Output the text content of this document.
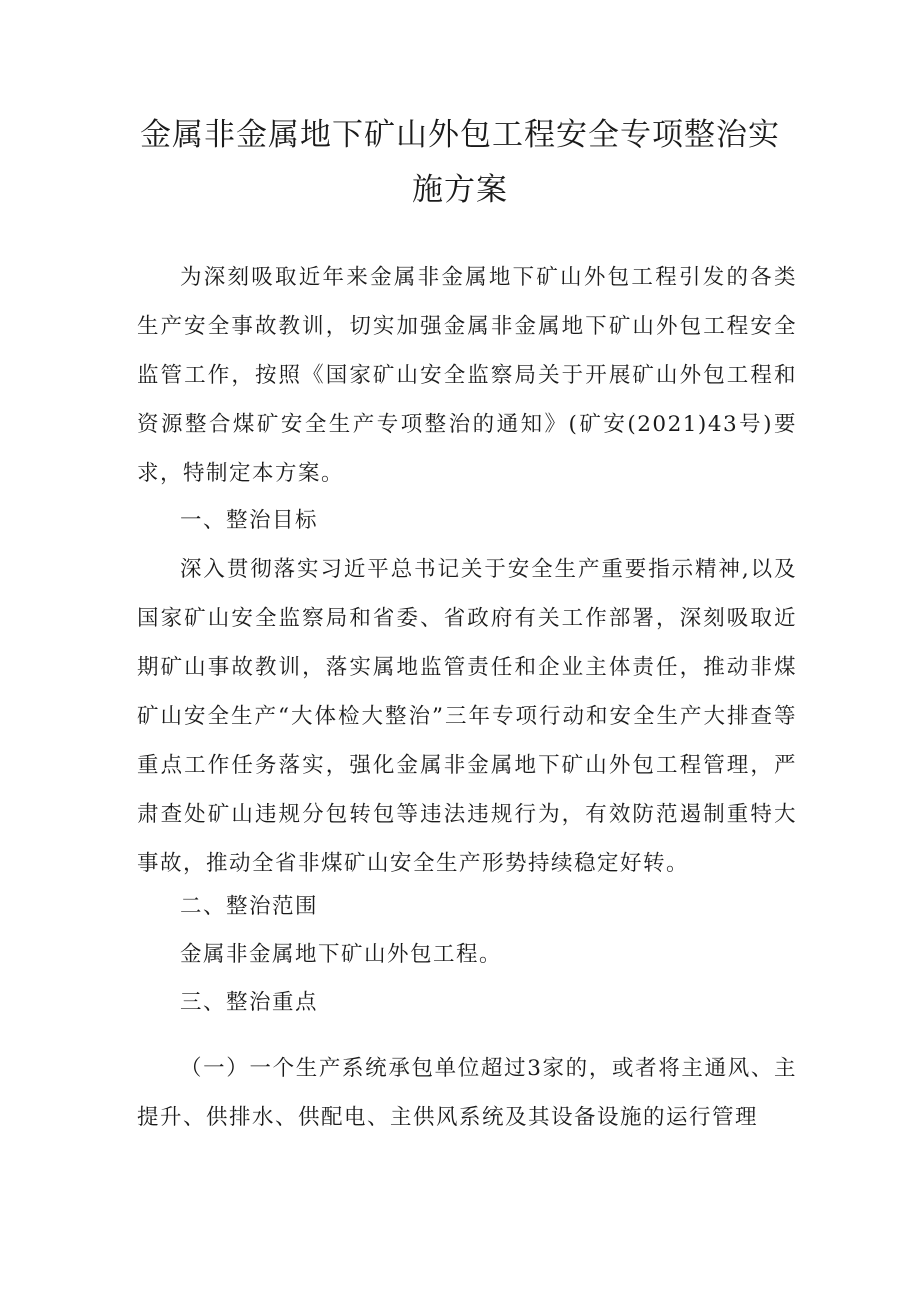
金属非金属地下矿山外包工程安全专项整治实施方案

为深刻吸取近年来金属非金属地下矿山外包工程引发的各类生产安全事故教训，切实加强金属非金属地下矿山外包工程安全监管工作，按照《国家矿山安全监察局关于开展矿山外包工程和资源整合煤矿安全生产专项整治的通知》(矿安(2021)43号)要求，特制定本方案。

一、整治目标

深入贯彻落实习近平总书记关于安全生产重要指示精神,以及国家矿山安全监察局和省委、省政府有关工作部署，深刻吸取近期矿山事故教训，落实属地监管责任和企业主体责任，推动非煤矿山安全生产“大体检大整治”三年专项行动和安全生产大排查等重点工作任务落实，强化金属非金属地下矿山外包工程管理，严肃查处矿山违规分包转包等违法违规行为，有效防范遏制重特大事故，推动全省非煤矿山安全生产形势持续稳定好转。

二、整治范围

金属非金属地下矿山外包工程。

三、整治重点

（一）一个生产系统承包单位超过3家的，或者将主通风、主提升、供排水、供配电、主供风系统及其设备设施的运行管理
